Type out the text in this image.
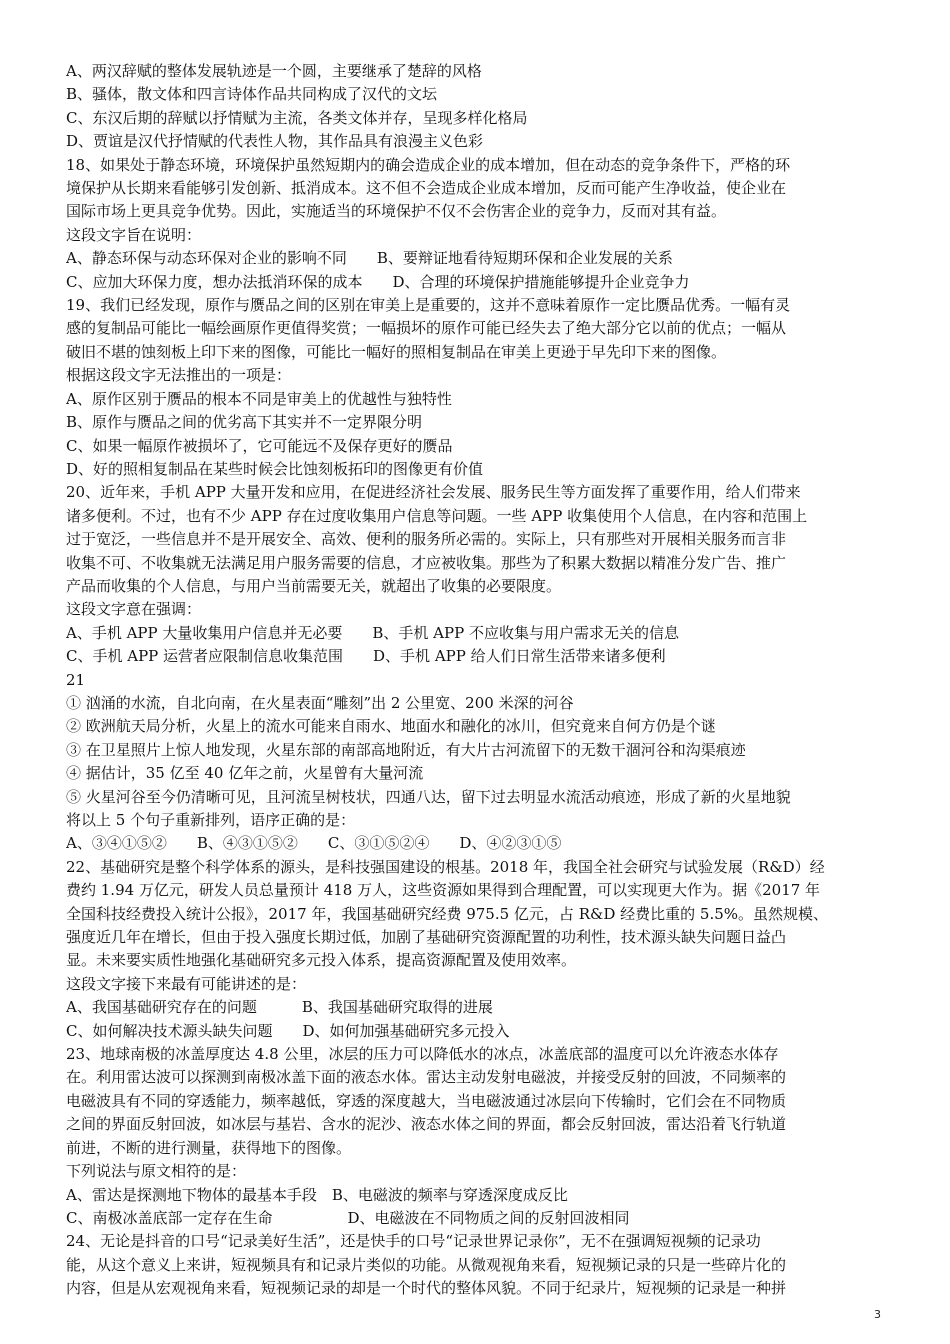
A、两汉辞赋的整体发展轨迹是一个圆，主要继承了楚辞的风格
B、骚体，散文体和四言诗体作品共同构成了汉代的文坛
C、东汉后期的辞赋以抒情赋为主流，各类文体并存，呈现多样化格局
D、贾谊是汉代抒情赋的代表性人物，其作品具有浪漫主义色彩
18、如果处于静态环境，环境保护虽然短期内的确会造成企业的成本增加，但在动态的竞争条件下，严格的环
境保护从长期来看能够引发创新、抵消成本。这不但不会造成企业成本增加，反而可能产生净收益，使企业在
国际市场上更具竞争优势。因此，实施适当的环境保护不仅不会伤害企业的竞争力，反而对其有益。
这段文字旨在说明：
A、静态环保与动态环保对企业的影响不同　　B、要辩证地看待短期环保和企业发展的关系
C、应加大环保力度，想办法抵消环保的成本　　D、合理的环境保护措施能够提升企业竞争力
19、我们已经发现，原作与赝品之间的区别在审美上是重要的，这并不意味着原作一定比赝品优秀。一幅有灵
感的复制品可能比一幅绘画原作更值得奖赏；一幅损坏的原作可能已经失去了绝大部分它以前的优点；一幅从
破旧不堪的蚀刻板上印下来的图像，可能比一幅好的照相复制品在审美上更逊于早先印下来的图像。
根据这段文字无法推出的一项是：
A、原作区别于赝品的根本不同是审美上的优越性与独特性
B、原作与赝品之间的优劣高下其实并不一定界限分明
C、如果一幅原作被损坏了，它可能远不及保存更好的赝品
D、好的照相复制品在某些时候会比蚀刻板拓印的图像更有价值
20、近年来，手机 APP 大量开发和应用，在促进经济社会发展、服务民生等方面发挥了重要作用，给人们带来
诸多便利。不过，也有不少 APP 存在过度收集用户信息等问题。一些 APP 收集使用个人信息，在内容和范围上
过于宽泛，一些信息并不是开展安全、高效、便利的服务所必需的。实际上，只有那些对开展相关服务而言非
收集不可、不收集就无法满足用户服务需要的信息，才应被收集。那些为了积累大数据以精准分发广告、推广
产品而收集的个人信息，与用户当前需要无关，就超出了收集的必要限度。
这段文字意在强调：
A、手机 APP 大量收集用户信息并无必要　　B、手机 APP 不应收集与用户需求无关的信息
C、手机 APP 运营者应限制信息收集范围　　D、手机 APP 给人们日常生活带来诸多便利
21
① 汹涌的水流，自北向南，在火星表面“雕刻”出 2 公里宽、200 米深的河谷
② 欧洲航天局分析，火星上的流水可能来自雨水、地面水和融化的冰川，但究竟来自何方仍是个谜
③ 在卫星照片上惊人地发现，火星东部的南部高地附近，有大片古河流留下的无数干涸河谷和沟渠痕迹
④ 据估计，35 亿至 40 亿年之前，火星曾有大量河流
⑤ 火星河谷至今仍清晰可见，且河流呈树枝状，四通八达，留下过去明显水流活动痕迹，形成了新的火星地貌
将以上 5 个句子重新排列，语序正确的是：
A、③④①⑤②　　B、④③①⑤②　　C、③①⑤②④　　D、④②③①⑤
22、基础研究是整个科学体系的源头，是科技强国建设的根基。2018 年，我国全社会研究与试验发展（R&D）经
费约 1.94 万亿元，研发人员总量预计 418 万人，这些资源如果得到合理配置，可以实现更大作为。据《2017 年
全国科技经费投入统计公报》，2017 年，我国基础研究经费 975.5 亿元，占 R&D 经费比重的 5.5%。虽然规模、
强度近几年在增长，但由于投入强度长期过低，加剧了基础研究资源配置的功利性，技术源头缺失问题日益凸
显。未来要实质性地强化基础研究多元投入体系，提高资源配置及使用效率。
这段文字接下来最有可能讲述的是：
A、我国基础研究存在的问题　　　B、我国基础研究取得的进展
C、如何解决技术源头缺失问题　　D、如何加强基础研究多元投入
23、地球南极的冰盖厚度达 4.8 公里，冰层的压力可以降低水的冰点，冰盖底部的温度可以允许液态水体存
在。利用雷达波可以探测到南极冰盖下面的液态水体。雷达主动发射电磁波，并接受反射的回波，不同频率的
电磁波具有不同的穿透能力，频率越低，穿透的深度越大，当电磁波通过冰层向下传输时，它们会在不同物质
之间的界面反射回波，如冰层与基岩、含水的泥沙、液态水体之间的界面，都会反射回波，雷达沿着飞行轨道
前进，不断的进行测量，获得地下的图像。
下列说法与原文相符的是：
A、雷达是探测地下物体的最基本手段　B、电磁波的频率与穿透深度成反比
C、南极冰盖底部一定存在生命　　　　　D、电磁波在不同物质之间的反射回波相同
24、无论是抖音的口号“记录美好生活”，还是快手的口号“记录世界记录你”，无不在强调短视频的记录功
能，从这个意义上来讲，短视频具有和记录片类似的功能。从微观视角来看，短视频记录的只是一些碎片化的
内容，但是从宏观视角来看，短视频记录的却是一个时代的整体风貌。不同于纪录片，短视频的记录是一种拼
3
